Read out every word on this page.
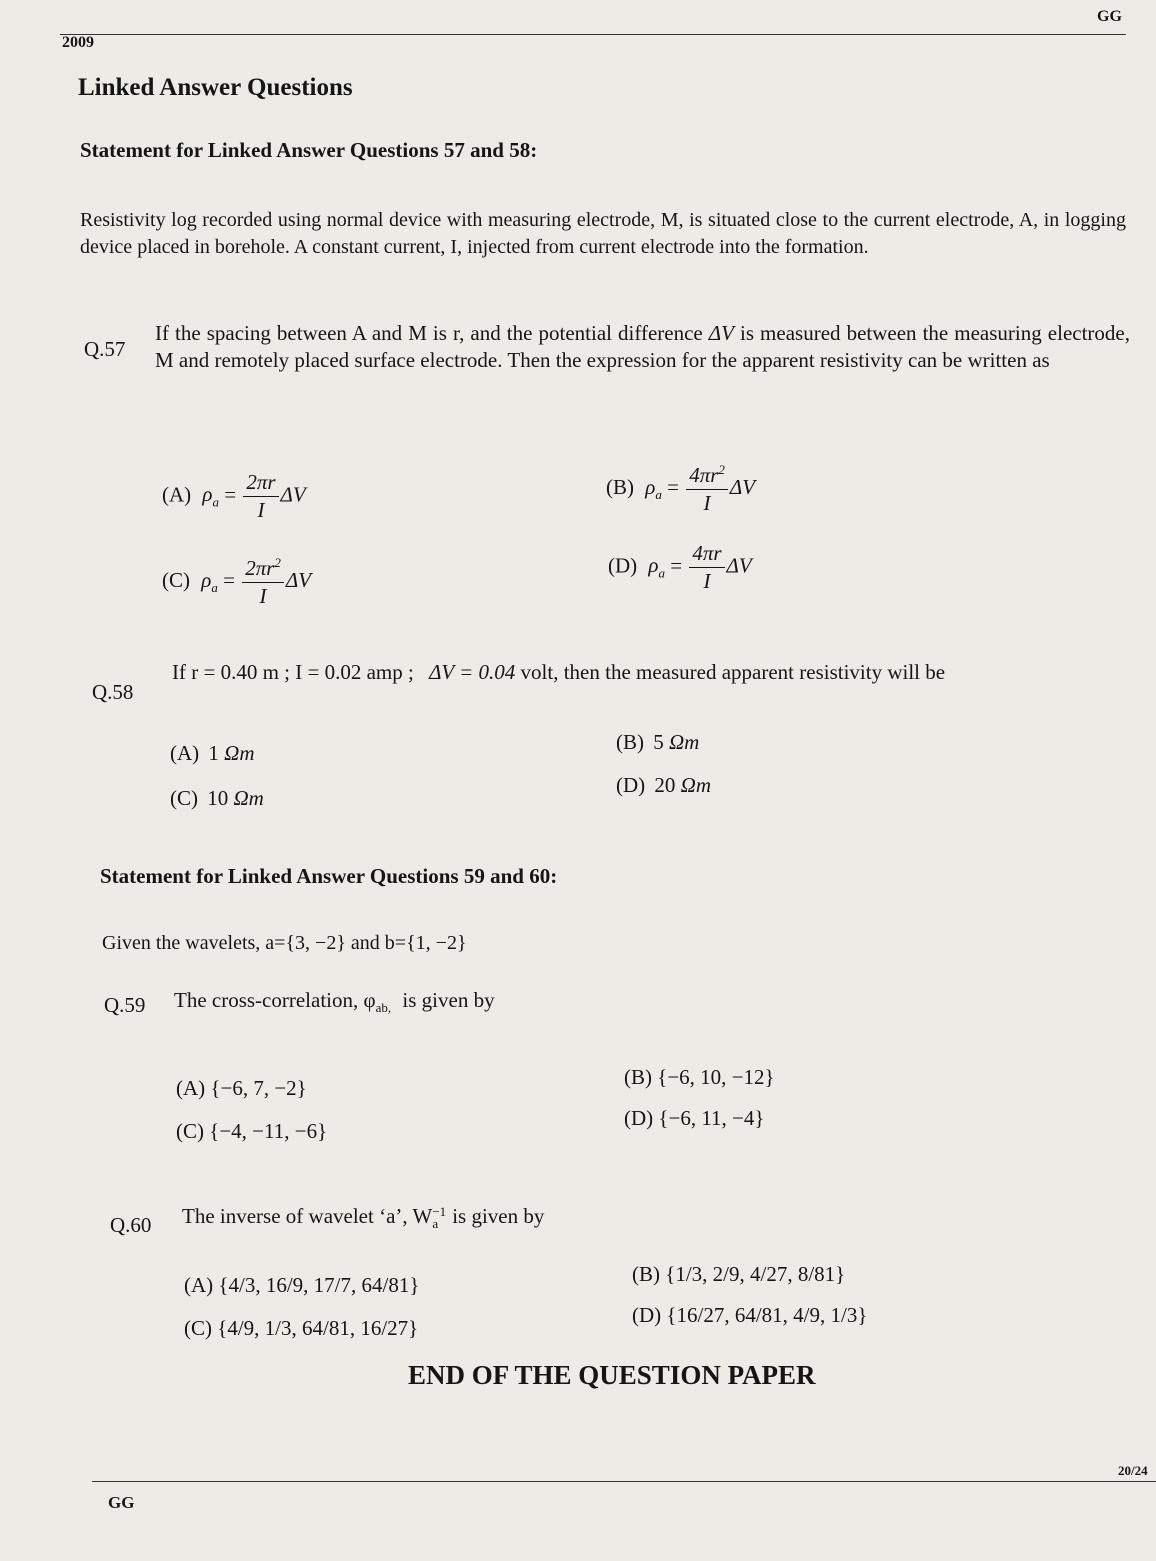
GG
2009
Linked Answer Questions
Statement for Linked Answer Questions 57 and 58:
Resistivity log recorded using normal device with measuring electrode, M, is situated close to the current electrode, A, in logging device placed in borehole. A constant current, I, injected from current electrode into the formation.
Q.57
If the spacing between A and M is r, and the potential difference ΔV is measured between the measuring electrode, M and remotely placed surface electrode. Then the expression for the apparent resistivity can be written as
(A) $\rho_a = \frac{2\pi r}{I}$ ΔV	(B) $\rho_a = \frac{4\pi r^2}{I}$ ΔV
(C) $\rho_a = \frac{2\pi r^2}{I}$ ΔV
(D) $\rho_a = \frac{4\pi r}{I}$ ΔV
Q.58
If r = 0.40 m ; I = 0.02 amp ; ΔV = 0.04 volt, then the measured apparent resistivity will be
(A) 1 Ωm	(B) 5 Ωm
(C) 10 Ωm
(D) 20 Ωm
Statement for Linked Answer Questions 59 and 60:
Given the wavelets, a={3, −2} and b={1, −2}
Q.59 The cross-correlation, $\varphi_{ab,}$ is given by
(A) {−6, 7, −2}	(B) {−6, 10, −12}
(C) {−4, −11, −6}
(D) {−6, 11, −4}
Q.60 The inverse of wavelet ‘a’, W −1
a is given by
(A) {4/3, 16/9, 17/7, 64/81}	(B) {1/3, 2/9, 4/27, 8/81}
(C) {4/9, 1/3, 64/81, 16/27}
(D) {16/27, 64/81, 4/9, 1/3}
END OF THE QUESTION PAPER
20/24
GG
